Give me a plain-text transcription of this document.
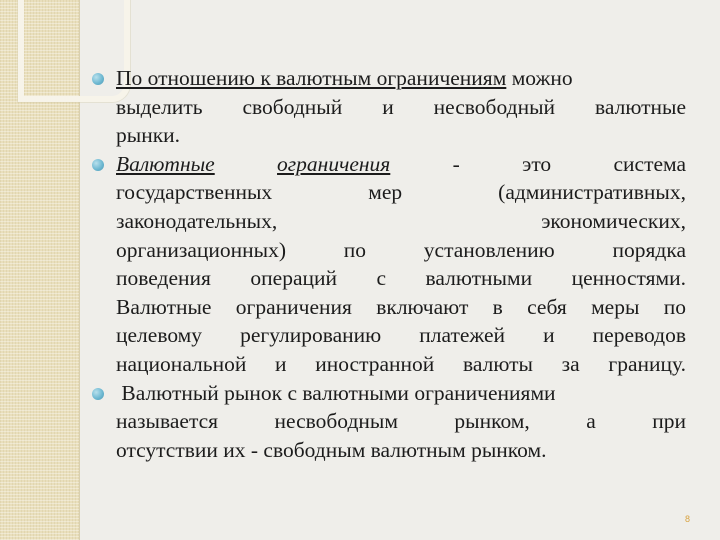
По отношению к валютным ограничениям можно
выделить свободный и несвободный валютные
рынки.
Валютные	ограничения	-	это	система
государственных мер (административных,
законодательных, экономических,
организационных) по установлению порядка
поведения операций с валютными ценностями.
Валютные ограничения включают в себя меры по
целевому регулированию платежей и переводов
национальной и иностранной валюты за границу.
Валютный рынок с валютными ограничениями
называется несвободным рынком, а при
отсутствии их - свободным валютным рынком.
8
